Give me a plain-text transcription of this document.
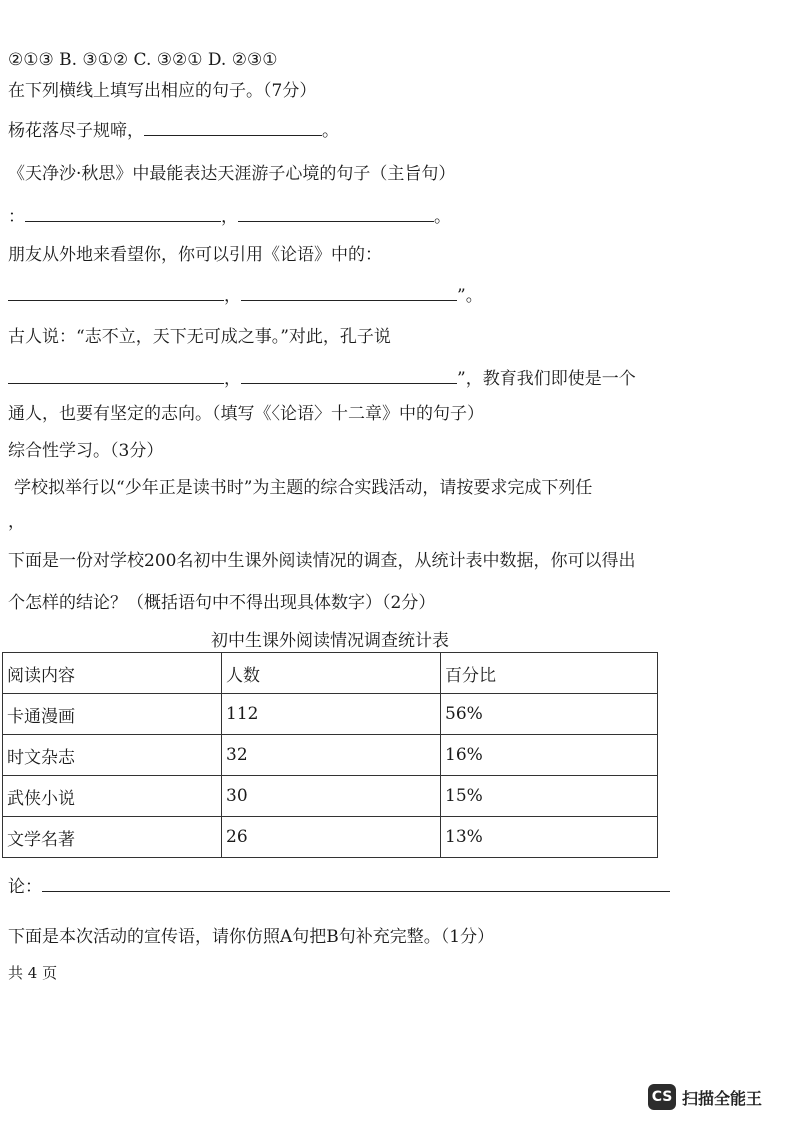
②①③ B. ③①② C. ③②① D. ②③①
在下列横线上填写出相应的句子。（7分）
杨花落尽子规啼，	。
《天净沙·秋思》中最能表达天涯游子心境的句子（主旨句）
：	，	。
朋友从外地来看望你，你可以引用《论语》中的：
，	”。
古人说：“志不立，天下无可成之事。”对此，孔子说
，	”，教育我们即使是一个
通人，也要有坚定的志向。（填写《〈论语〉十二章》中的句子）
综合性学习。（3分）
学校拟举行以“少年正是读书时”为主题的综合实践活动，请按要求完成下列任
，
下面是一份对学校200名初中生课外阅读情况的调查，从统计表中数据，你可以得出
个怎样的结论？（概括语句中不得出现具体数字）（2分）
初中生课外阅读情况调查统计表
阅读内容	人数	百分比
卡通漫画	112	56%
时文杂志	32	16%
武侠小说	30	15%
文学名著	26	13%
论：
下面是本次活动的宣传语，请你仿照A句把B句补充完整。（1分）
共 4 页
CS 扫描全能王
